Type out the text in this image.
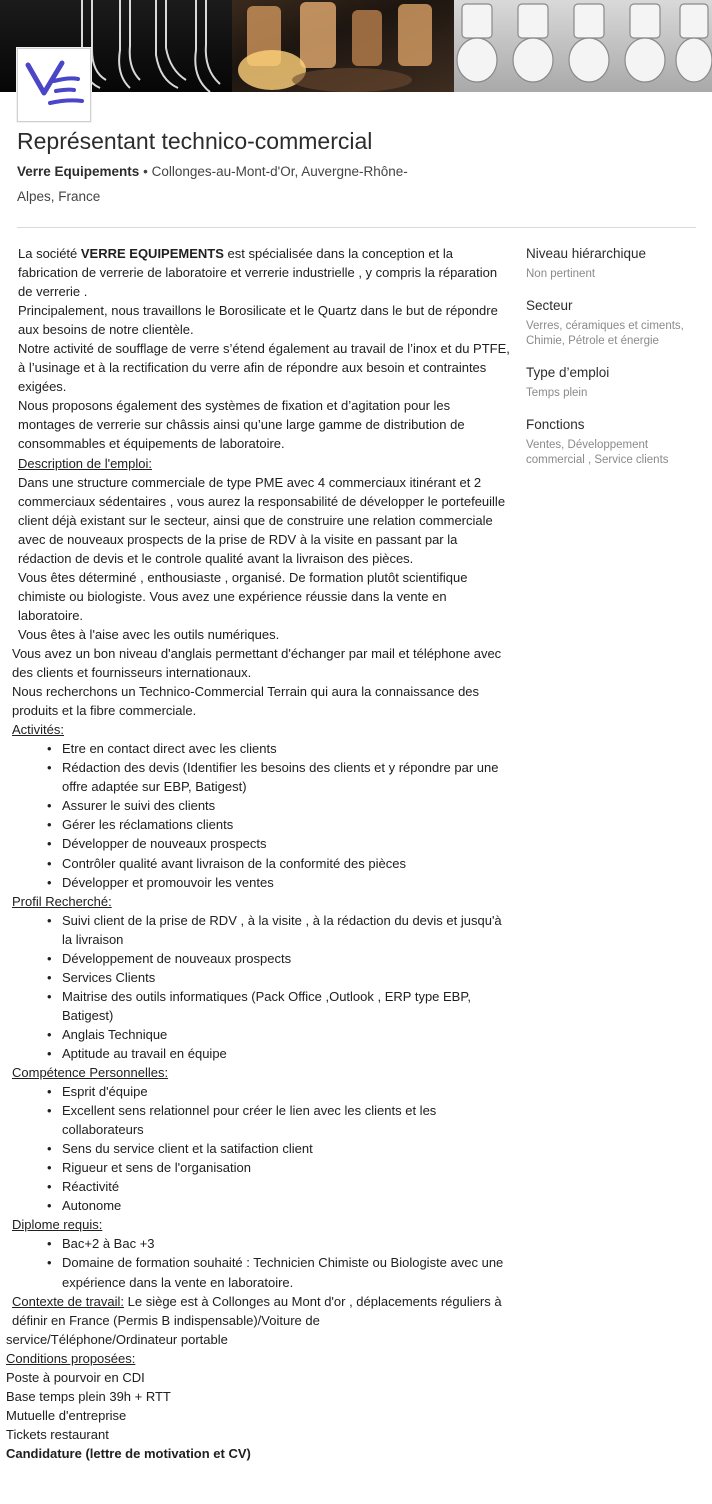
Représentant technico-commercial
Verre Equipements • Collonges-au-Mont-d'Or, Auvergne-Rhône-Alpes, France

La société VERRE EQUIPEMENTS est spécialisée dans la conception et la fabrication de verrerie de laboratoire et verrerie industrielle , y compris la réparation de verrerie .

Principalement, nous travaillons le Borosilicate et le Quartz dans le but de répondre aux besoins de notre clientèle.

Notre activité de soufflage de verre s’étend également au travail de l’inox et du PTFE, à l’usinage et à la rectification du verre afin de répondre aux besoin et contraintes exigées.

Nous proposons également des systèmes de fixation et d’agitation pour les montages de verrerie sur châssis ainsi qu’une large gamme de distribution de consommables et équipements de laboratoire.

Description de l'emploi:

Dans une structure commerciale de type PME avec 4 commerciaux itinérant et 2 commerciaux sédentaires , vous aurez la responsabilité de développer le portefeuille client déjà existant sur le secteur, ainsi que de construire une relation commerciale avec de nouveaux prospects de la prise de RDV à la visite en passant par la rédaction de devis et le controle qualité avant la livraison des pièces.

Vous êtes déterminé , enthousiaste , organisé. De formation plutôt scientifique chimiste ou biologiste. Vous avez une expérience réussie dans la vente en laboratoire.

Vous êtes à l'aise avec les outils numériques.

Vous avez un bon niveau d'anglais permettant d'échanger par mail et téléphone avec des clients et fournisseurs internationaux.

Nous recherchons un Technico-Commercial Terrain qui aura la connaissance des produits et la fibre commerciale.

Activités:

• Etre en contact direct avec les clients
• Rédaction des devis (Identifier les besoins des clients et y répondre par une offre adaptée sur EBP, Batigest)
• Assurer le suivi des clients
• Gérer les réclamations clients
• Développer de nouveaux prospects
• Contrôler qualité avant livraison de la conformité des pièces
• Développer et promouvoir les ventes

Profil Recherché:

• Suivi client de la prise de RDV , à la visite , à la rédaction du devis et jusqu'à la livraison
• Développement de nouveaux prospects
• Services Clients
• Maitrise des outils informatiques (Pack Office ,Outlook , ERP type EBP, Batigest)
• Anglais Technique
• Aptitude au travail en équipe

Compétence Personnelles:

• Esprit d'équipe
• Excellent sens relationnel pour créer le lien avec les clients et les collaborateurs
• Sens du service client et la satifaction client
• Rigueur et sens de l'organisation
• Réactivité
• Autonome

Diplome requis:

• Bac+2 à Bac +3
• Domaine de formation souhaité : Technicien Chimiste ou Biologiste avec une expérience dans la vente en laboratoire.

Contexte de travail: Le siège est à Collonges au Mont d'or , déplacements réguliers à définir en France (Permis B indispensable)/Voiture de

service/Téléphone/Ordinateur portable

Conditions proposées:

Poste à pourvoir en CDI

Base temps plein 39h + RTT

Mutuelle d'entreprise

Tickets restaurant

Candidature (lettre de motivation et CV)

Niveau hiérarchique
Non pertinent
Secteur
Verres, céramiques et ciments, Chimie, Pétrole et énergie
Type d’emploi
Temps plein
Fonctions
Ventes, Développement commercial , Service clients
